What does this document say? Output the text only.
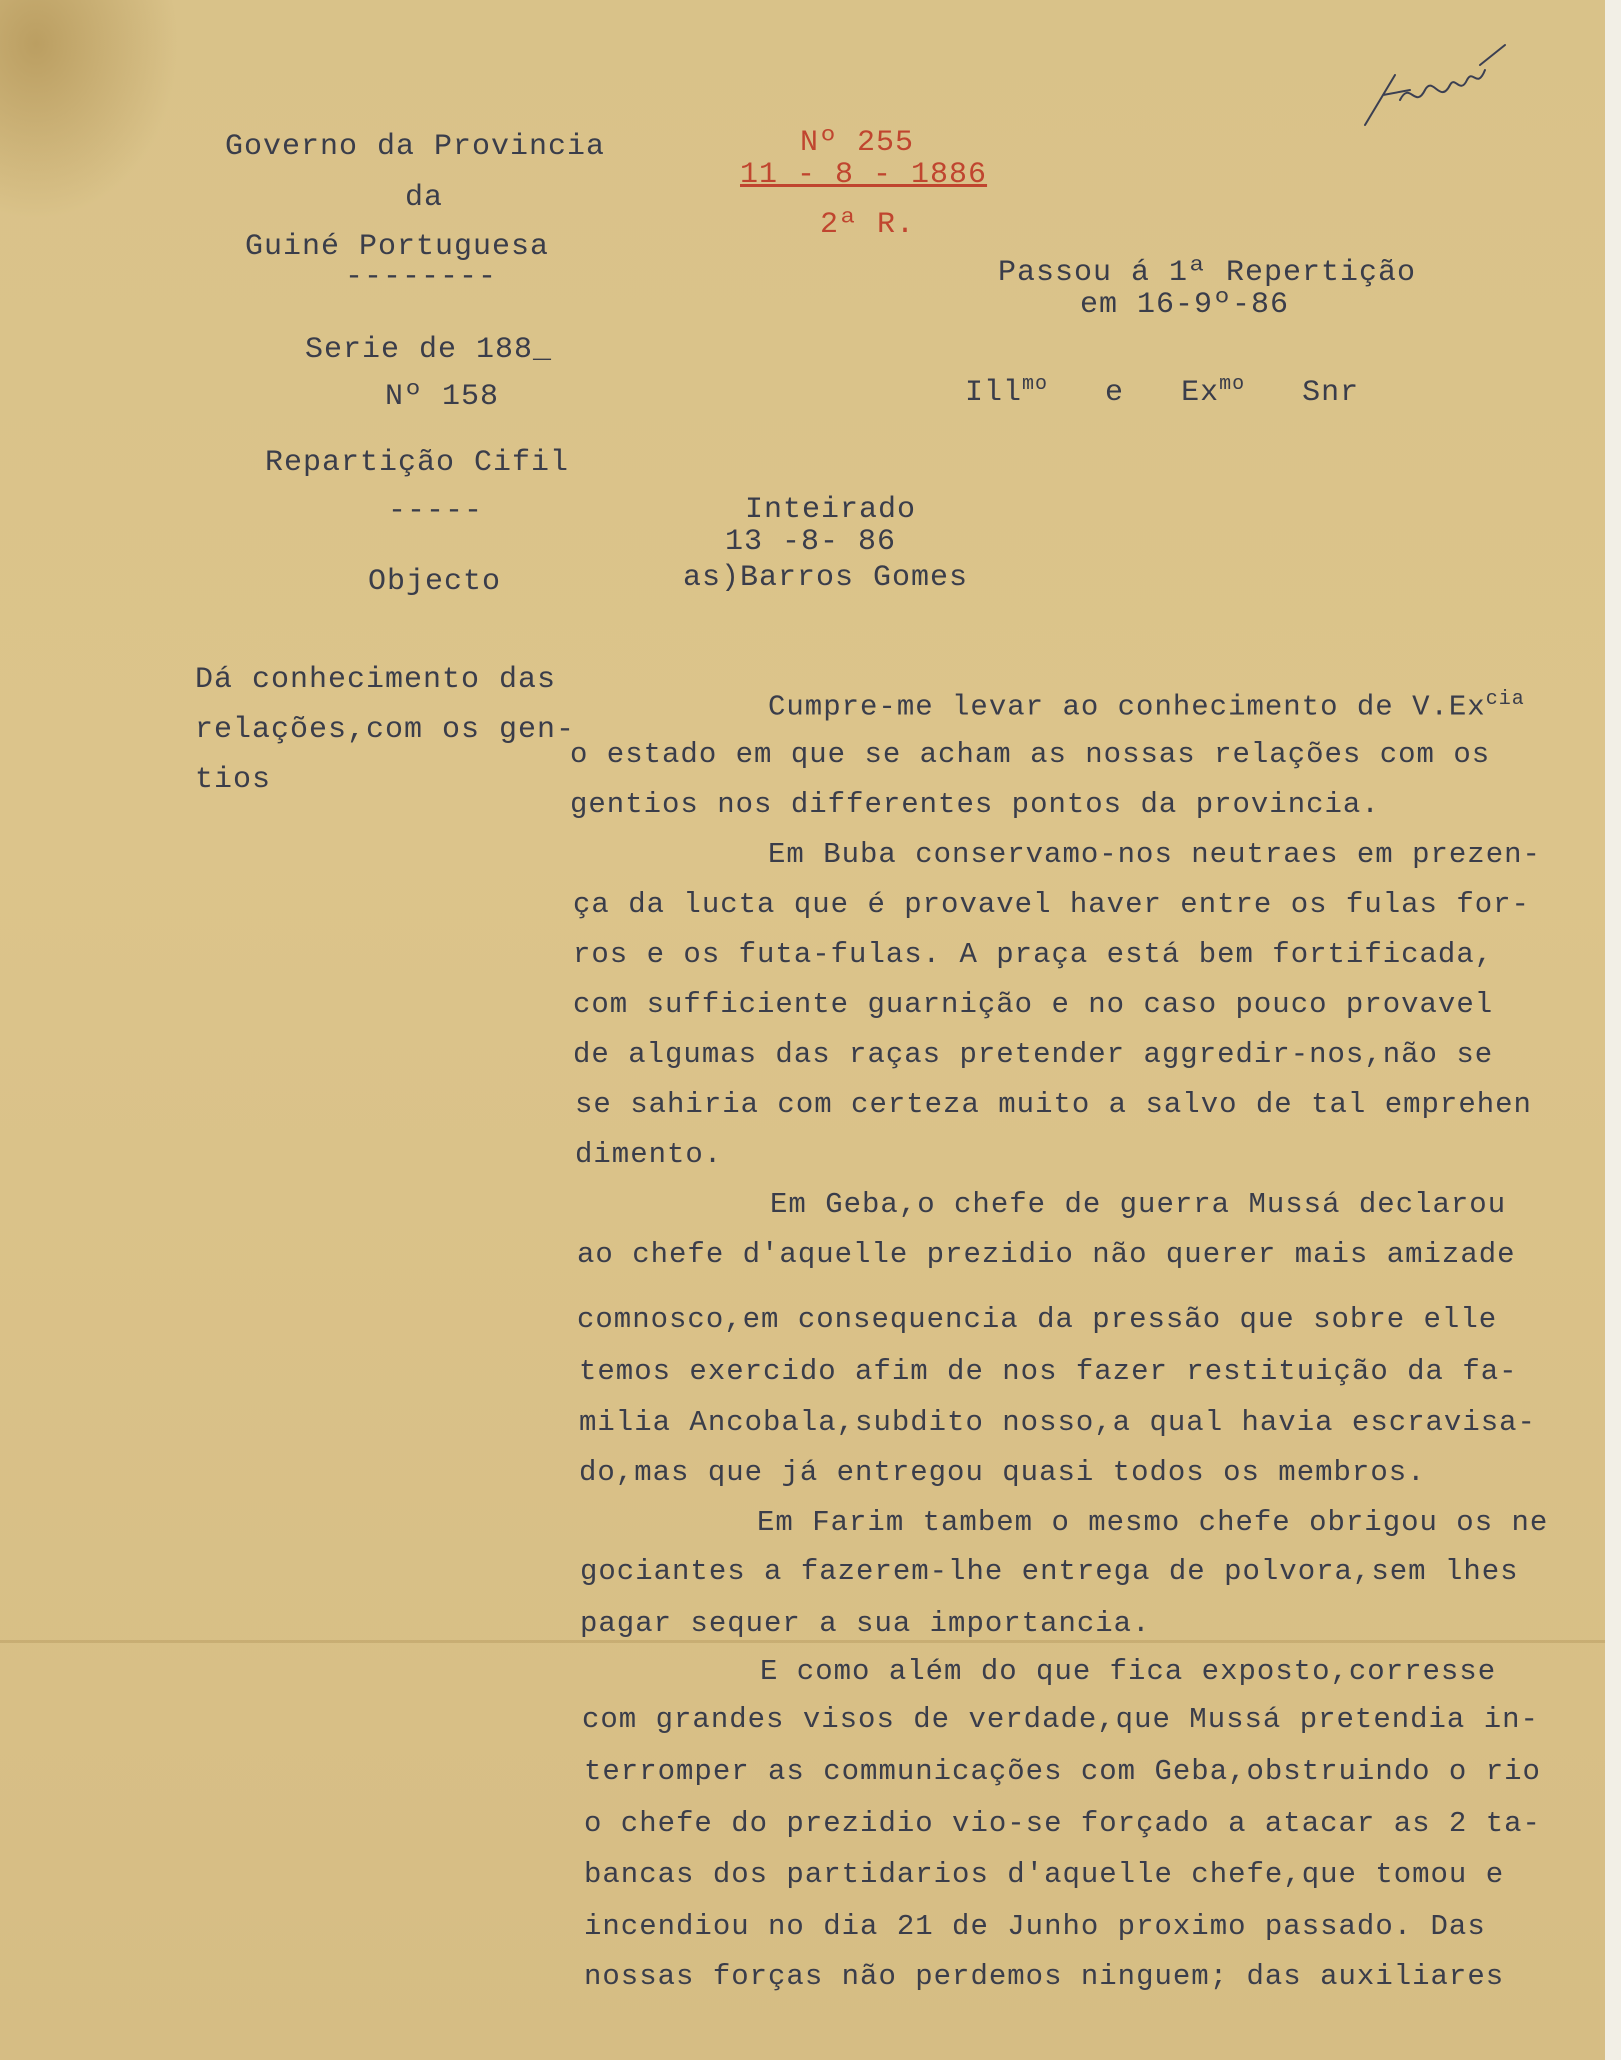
Governo da Provincia
da
Guiné Portuguesa
--------
Serie de 188_
Nº 158
Repartição Cifil
-----
Objecto
Nº 255
11 - 8 - 1886
2ª R.
Inteirado
13 -8- 86
as)Barros Gomes
Passou á 1ª Repertição
em 16-9º-86
Ill$^{mo}$ e $Ex^{mo}$ Snr
Dá conhecimento das
relações,com os gen-
tios
Cumpre-me levar ao conhecimento de $V.Ex^{cia}$
o estado em que se acham as nossas relações com os
gentios nos differentes pontos da provincia.
Em Buba conservamo-nos neutraes em prezen-
ça da lucta que é provavel haver entre os fulas for-
ros e os futa-fulas. A praça está bem fortificada,
com sufficiente guarnição e no caso pouco provavel
de algumas das raças pretender aggredir-nos,não se
se sahiria com certeza muito a salvo de tal emprehen
dimento.
Em Geba,o chefe de guerra Mussá declarou
ao chefe d'aquelle prezidio não querer mais amizade
comnosco,em consequencia da pressão que sobre elle
temos exercido afim de nos fazer restituição da fa-
milia Ancobala,subdito nosso,a qual havia escravisa-
do,mas que já entregou quasi todos os membros.
Em Farim tambem o mesmo chefe obrigou os ne
gociantes a fazerem-lhe entrega de polvora,sem lhes
pagar sequer a sua importancia.
E como além do que fica exposto,corresse
com grandes visos de verdade,que Mussá pretendia in-
terromper as communicações com Geba,obstruindo o rio
o chefe do prezidio vio-se forçado a atacar as 2 ta-
bancas dos partidarios d'aquelle chefe,que tomou e
incendiou no dia 21 de Junho proximo passado. Das
nossas forças não perdemos ninguem; das auxiliares
